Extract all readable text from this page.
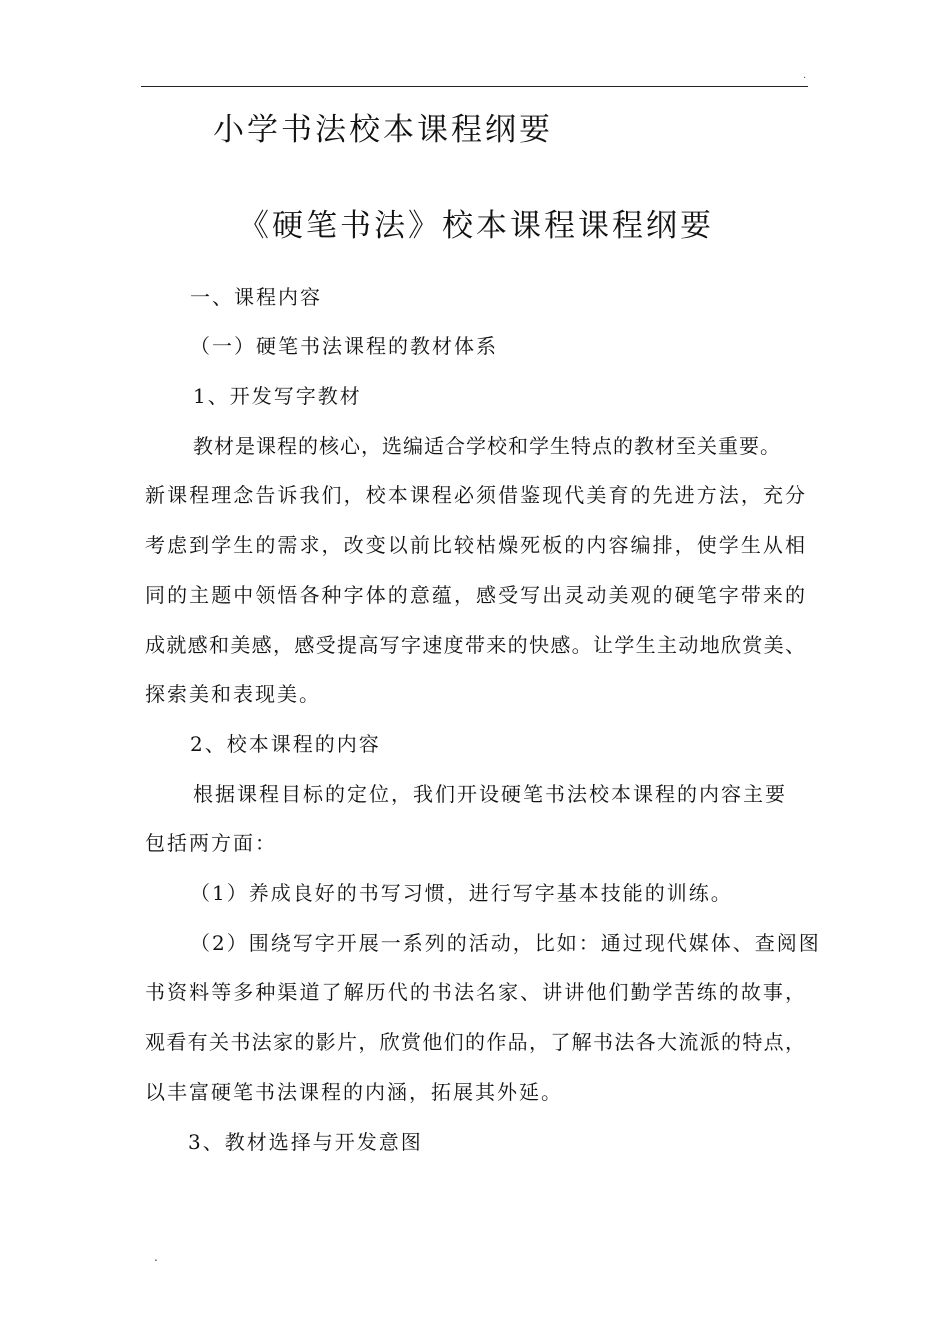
.
小学书法校本课程纲要
《硬笔书法》校本课程课程纲要

一、课程内容

（一）硬笔书法课程的教材体系

1、开发写字教材

教材是课程的核心，选编适合学校和学生特点的教材至关重要。

新课程理念告诉我们，校本课程必须借鉴现代美育的先进方法，充分

考虑到学生的需求，改变以前比较枯燥死板的内容编排，使学生从相

同的主题中领悟各种字体的意蕴，感受写出灵动美观的硬笔字带来的

成就感和美感，感受提高写字速度带来的快感。让学生主动地欣赏美、

探索美和表现美。

2、校本课程的内容

根据课程目标的定位，我们开设硬笔书法校本课程的内容主要

包括两方面：

（1）养成良好的书写习惯，进行写字基本技能的训练。

（2）围绕写字开展一系列的活动，比如：通过现代媒体、查阅图

书资料等多种渠道了解历代的书法名家、讲讲他们勤学苦练的故事，

观看有关书法家的影片，欣赏他们的作品，了解书法各大流派的特点，

以丰富硬笔书法课程的内涵，拓展其外延。

3、教材选择与开发意图

.
